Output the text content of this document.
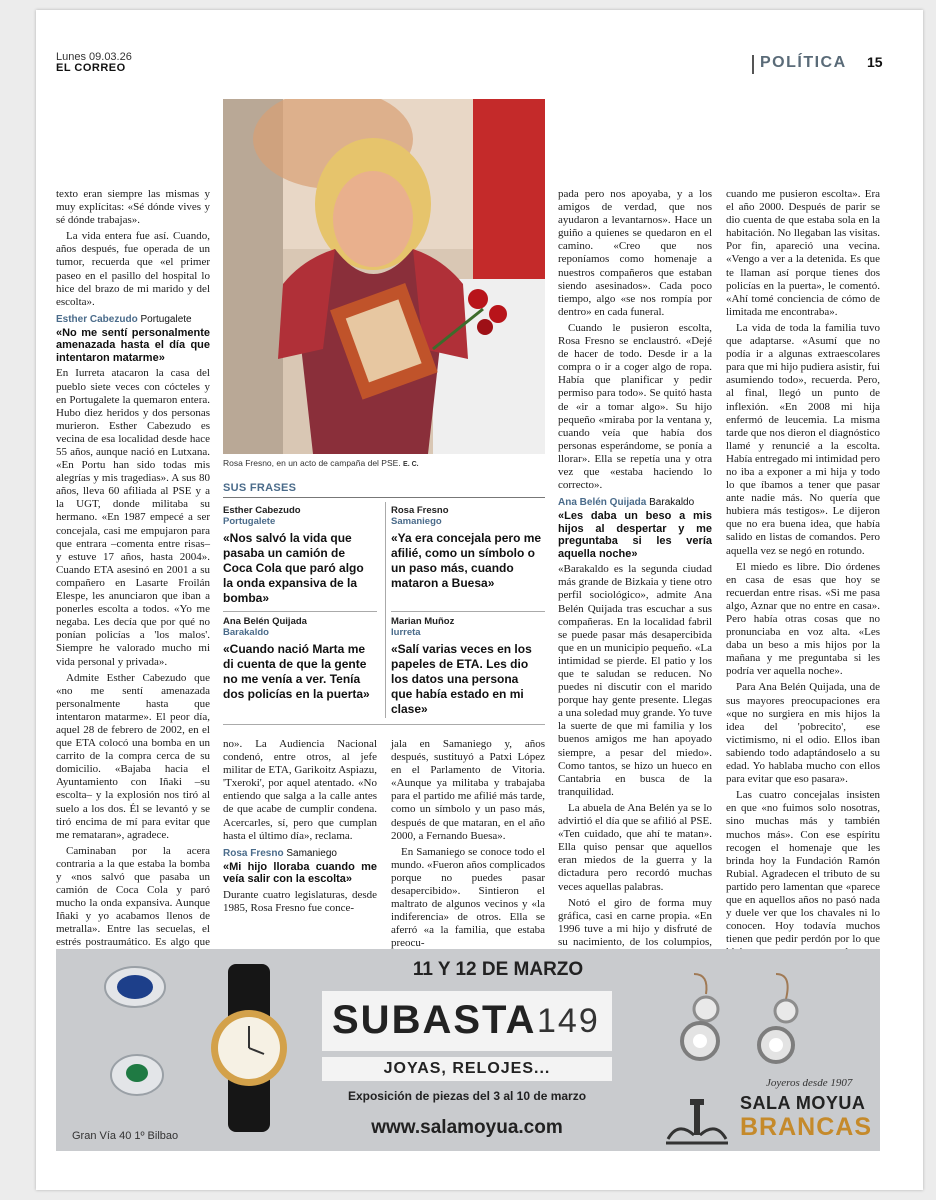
Lunes 09.03.26
EL CORREO	POLÍTICA 15
Rosa Fresno, en un acto de campaña del PSE. E. C.

texto eran siempre las mismas y muy explícitas: «Sé dónde vives y sé dónde trabajas».

La vida entera fue así. Cuando, años después, fue operada de un tumor, recuerda que «el primer paseo en el pasillo del hospital lo hice del brazo de mi marido y del escolta».

Esther Cabezudo Portugalete
«No me sentí personalmente amenazada hasta el día que intentaron matarme»

En Iurreta atacaron la casa del pueblo siete veces con cócteles y en Portugalete la quemaron entera. Hubo diez heridos y dos personas murieron. Esther Cabezudo es vecina de esa localidad desde hace 55 años, aunque nació en Lutxana. «En Portu han sido todas mis alegrías y mis tragedias». A sus 80 años, lleva 60 afiliada al PSE y a la UGT, donde militaba su hermano. «En 1987 empecé a ser concejala, casi me empujaron para que entrara –comenta entre risas– y estuve 17 años, hasta 2004». Cuando ETA asesinó en 2001 a su compañero en Lasarte Froilán Elespe, les anunciaron que iban a ponerles escolta a todos. «Yo me negaba. Les decía que por qué no ponían policías a 'los malos'. Siempre he valorado mucho mi vida personal y privada».

Admite Esther Cabezudo que «no me sentí amenazada personalmente hasta que intentaron matarme». El peor día, aquel 28 de febrero de 2002, en el que ETA colocó una bomba en un carrito de la compra cerca de su domicilio. «Bajaba hacia el Ayuntamiento con Iñaki –su escolta– y la explosión nos tiró al suelo a los dos. Él se levantó y se tiró encima de mí para evitar que me remataran», agradece.

Caminaban por la acera contraria a la que estaba la bomba y «nos salvó que pasaba un camión de Coca Cola y paró mucho la onda expansiva. Aunque Iñaki y yo acabamos llenos de metralla». Entre las secuelas, el estrés postraumático. Es algo que

SUS FRASES
Esther Cabezudo
Portugalete
«Nos salvó la vida que pasaba un camión de Coca Cola que paró algo la onda expansiva de la bomba»
Rosa Fresno
Samaniego
«Ya era concejala pero me afilié, como un símbolo o un paso más, cuando mataron a Buesa»
Ana Belén Quijada
Barakaldo
«Cuando nació Marta me di cuenta de que la gente no me venía a ver. Tenía dos policías en la puerta»
Marian Muñoz
Iurreta
«Salí varias veces en los papeles de ETA. Les dio los datos una persona que había estado en mi clase»

no». La Audiencia Nacional condenó, entre otros, al jefe militar de ETA, Garikoitz Aspiazu, 'Txeroki', por aquel atentado. «No entiendo que salga a la calle antes de que acabe de cumplir condena. Acercarles, sí, pero que cumplan hasta el último día», reclama.

Rosa Fresno Samaniego
«Mi hijo lloraba cuando me veía salir con la escolta»

Durante cuatro legislaturas, desde 1985, Rosa Fresno fue conce-

jala en Samaniego y, años después, sustituyó a Patxi López en el Parlamento de Vitoria. «Aunque ya militaba y trabajaba para el partido me afilié más tarde, como un símbolo y un paso más, después de que mataran, en el año 2000, a Fernando Buesa».

En Samaniego se conoce todo el mundo. «Fueron años complicados porque no puedes pasar desapercibido». Sintieron el maltrato de algunos vecinos y «la indiferencia» de otros. Ella se aferró «a la familia, que estaba preocu-

pada pero nos apoyaba, y a los amigos de verdad, que nos ayudaron a levantarnos». Hace un guiño a quienes se quedaron en el camino. «Creo que nos reponíamos como homenaje a nuestros compañeros que estaban siendo asesinados». Cada poco tiempo, algo «se nos rompía por dentro» en cada funeral.

Cuando le pusieron escolta, Rosa Fresno se enclaustró. «Dejé de hacer de todo. Desde ir a la compra o ir a coger algo de ropa. Había que planificar y pedir permiso para todo». Se quitó hasta de «ir a tomar algo». Su hijo pequeño «miraba por la ventana y, cuando veía que había dos personas esperándome, se ponía a llorar». Ella se repetía una y otra vez que «estaba haciendo lo correcto».

Ana Belén Quijada Barakaldo
«Les daba un beso a mis hijos al despertar y me preguntaba si les vería aquella noche»

«Barakaldo es la segunda ciudad más grande de Bizkaia y tiene otro perfil sociológico», admite Ana Belén Quijada tras escuchar a sus compañeras. En la localidad fabril se puede pasar más desapercibida que en un municipio pequeño. «La intimidad se pierde. El patio y los que te saludan se reducen. No puedes ni discutir con el marido porque hay gente presente. Llegas a una soledad muy grande. Yo tuve la suerte de que mi familia y los buenos amigos me han apoyado siempre, a pesar del miedo». Como tantos, se hizo un hueco en Cantabria en busca de la tranquilidad.

La abuela de Ana Belén ya se lo advirtió el día que se afilió al PSE. «Ten cuidado, que ahí te matan». Ella quiso pensar que aquellos eran miedos de la guerra y la dictadura pero recordó muchas veces aquellas palabras.

Notó el giro de forma muy gráfica, casi en carne propia. «En 1996 tuve a mi hijo y disfruté de su nacimiento, de los columpios,

cuando me pusieron escolta». Era el año 2000. Después de parir se dio cuenta de que estaba sola en la habitación. No llegaban las visitas. Por fin, apareció una vecina. «Vengo a ver a la detenida. Es que te llaman así porque tienes dos policías en la puerta», le comentó. «Ahí tomé conciencia de cómo de limitada me encontraba».

La vida de toda la familia tuvo que adaptarse. «Asumí que no podía ir a algunas extraescolares para que mi hijo pudiera asistir, fui asumiendo todo», recuerda. Pero, al final, llegó un punto de inflexión. «En 2008 mi hija enfermó de leucemia. La misma tarde que nos dieron el diagnóstico llamé y renuncié a la escolta. Había entregado mi intimidad pero no iba a exponer a mi hija y todo lo que íbamos a tener que pasar ante nadie más. No quería que hubiera más testigos». Le dijeron que no era buena idea, que había salido en listas de comandos. Pero aquella vez se negó en rotundo.

El miedo es libre. Dio órdenes en casa de esas que hoy se recuerdan entre risas. «Si me pasa algo, Aznar que no entre en casa». Pero había otras cosas que no pronunciaba en voz alta. «Les daba un beso a mis hijos por la mañana y me preguntaba si les podría ver aquella noche».

Para Ana Belén Quijada, una de sus mayores preocupaciones era «que no surgiera en mis hijos la idea del 'pobrecito', ese victimismo, ni el odio. Ellos iban sabiendo todo adaptándoselo a su edad. Yo hablaba mucho con ellos para evitar que eso pasara».

Las cuatro concejalas insisten en que «no fuimos solo nosotras, sino muchas más y también muchos más». Con ese espíritu recogen el homenaje que les brinda hoy la Fundación Ramón Rubial. Agradecen el tributo de su partido pero lamentan que «parece que en aquellos años no pasó nada y duele ver que los chavales ni lo conocen. Hoy todavía muchos tienen que pedir perdón por lo que

11 Y 12 DE MARZO
SUBASTA 149
JOYAS, RELOJES...
Exposición de piezas del 3 al 10 de marzo
www.salamoyua.com
Gran Vía 40 1º Bilbao
Joyeros desde 1907
SALA MOYUA
BRANCAS
